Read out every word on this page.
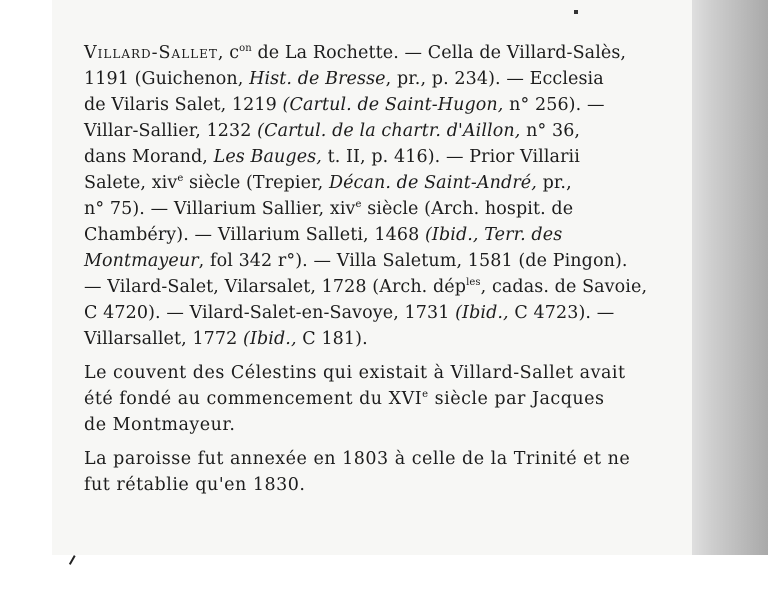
Villard-Sallet, $c^{on}$ de La Rochette. — Cella de Villard-Salès,
1191 (Guichenon, Hist. de Bresse, pr., p. 234). — Ecclesia
de Vilaris Salet, 1219 (Cartul. de Saint-Hugon, n° 256). —
Villar-Sallier, 1232 (Cartul. de la chartr. d'Aillon, n° 36,
dans Morand, Les Bauges, t. II, p. 416). — Prior Villarii
Salete, xiv$^e$ siècle (Trepier, Décan. de Saint-André, pr.,
n° 75). — Villarium Sallier, xiv$^e$ siècle (Arch. hospit. de
Chambéry). — Villarium Salleti, 1468 (Ibid., Terr. des
Montmayeur, fol 342 r°). — Villa Saletum, 1581 (de Pingon).
— Vilard-Salet, Vilarsalet, 1728 (Arch. dép$^{les}$, cadas. de Savoie,
C 4720). — Vilard-Salet-en-Savoye, 1731 (Ibid., C 4723). —
Villarsallet, 1772 (Ibid., C 181).
Le couvent des Célestins qui existait à Villard-Sallet avait
été fondé au commencement du XVIe siècle par Jacques
de Montmayeur.
La paroisse fut annexée en 1803 à celle de la Trinité et ne
fut rétablie qu'en 1830.
